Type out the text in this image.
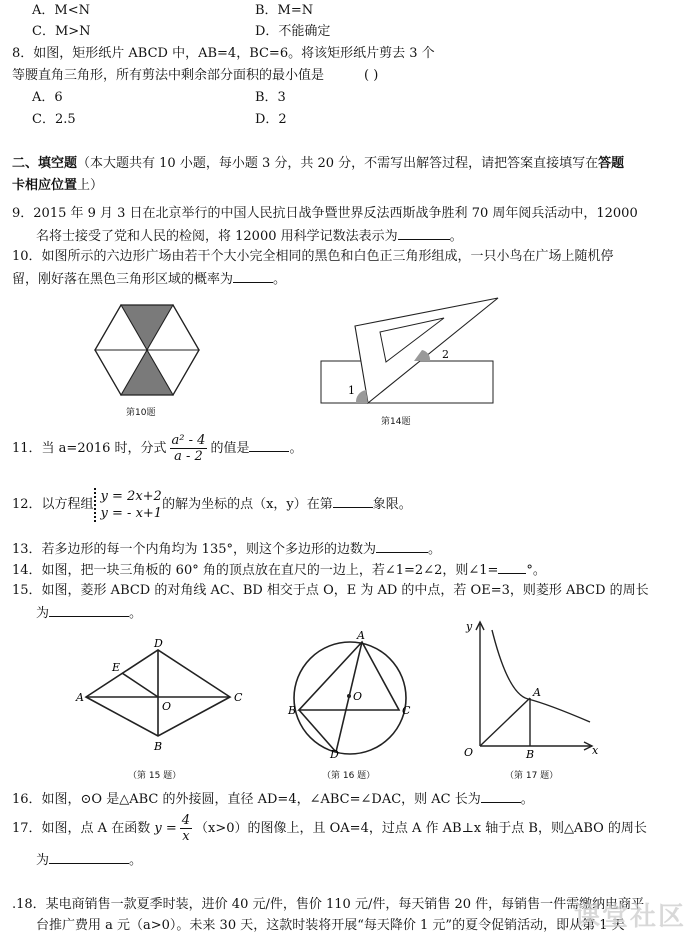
A．M<N	B．M=N
C．M>N	D．不能确定
8．如图，矩形纸片 ABCD 中，AB=4，BC=6。将该矩形纸片剪去 3 个
等腰直角三角形，所有剪法中剩余部分面积的最小值是	( )
A．6	B．3
C．2.5	D．2
二、填空题（本大题共有 10 小题，每小题 3 分，共 20 分，不需写出解答过程，请把答案直接填写在答题
卡相应位置上）
9．2015 年 9 月 3 日在北京举行的中国人民抗日战争暨世界反法西斯战争胜利 70 周年阅兵活动中，12000
名将士接受了党和人民的检阅，将 12000 用科学记数法表示为	。
10．如图所示的六边形广场由若干个大小完全相同的黑色和白色正三角形组成，一只小鸟在广场上随机停
留，刚好落在黑色三角形区域的概率为	。
第10题
1
2
第14题
11．当 a=2016 时，分式 $\frac{\text{a² - 4}}{a - 2}$ 的值是	。
12．以方程组
y = 2x+2
y = - x+1
的解为坐标的点（x，y）在第	象限。
13．若多边形的每一个内角均为 135°，则这个多边形的边数为	。
14．如图，把一块三角板的 60° 角的顶点放在直尺的一边上，若∠1=2∠2，则∠1= °。
15．如图，菱形 ABCD 的对角线 AC、BD 相交于点 O，E 为 AD 的中点，若 OE=3，则菱形 ABCD 的周长
为	。
A
D
C
B
E
O
（第 15 题）
A
B	C
D
O
（第 16 题）
y
x
A
B
O
（第 17 题）
16．如图，⊙O 是△ABC 的外接圆，直径 AD=4，∠ABC=∠DAC，则 AC 长为	。
17．如图，点 A 在函数 $y = \frac{4}{x} (x>0)$的图像上，且 OA=4，过点 A 作 AB⊥x 轴于点 B，则△ABO 的周长
为	。
.18．某电商销售一款夏季时装，进价 40 元/件，售价 110 元/件，每天销售 20 件，每销售一件需缴纳电商平
台推广费用 a 元（a>0）。未来 30 天，这款时装将开展“每天降价 1 元”的夏令促销活动，即从第 1 天
课堂社区
